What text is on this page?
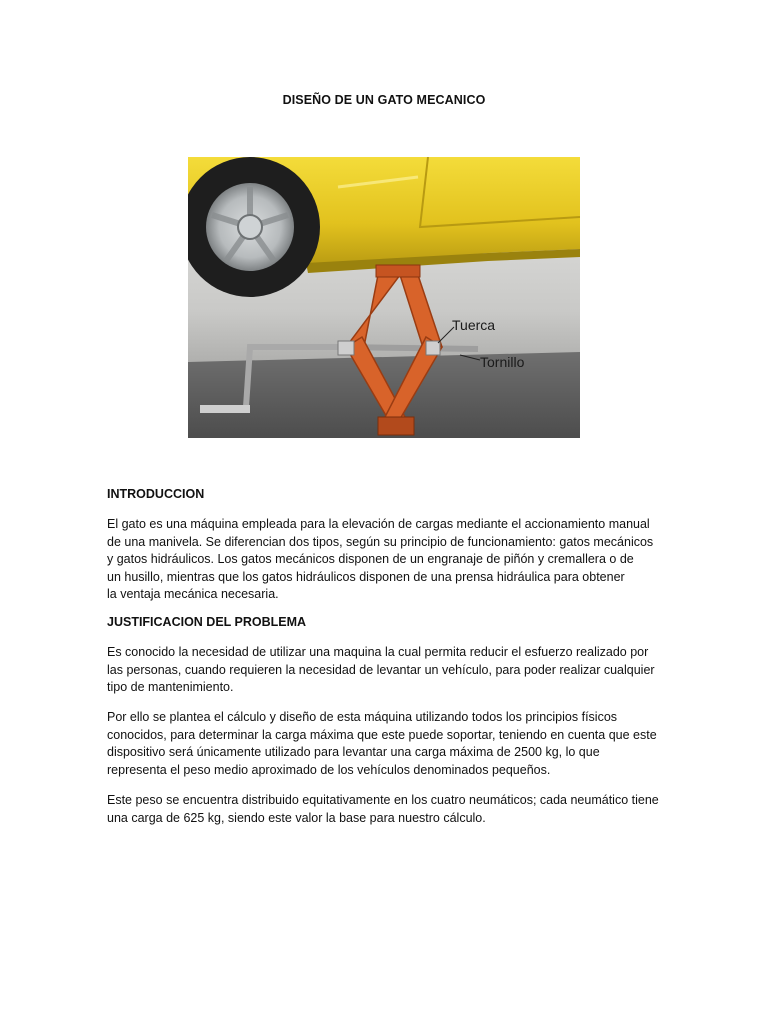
DISEÑO DE UN GATO MECANICO
Tuerca
Tornillo
INTRODUCCION
El gato es una máquina empleada para la elevación de cargas mediante el accionamiento manual
de una manivela. Se diferencian dos tipos, según su principio de funcionamiento: gatos mecánicos
y gatos hidráulicos. Los gatos mecánicos disponen de un engranaje de piñón y cremallera o de
un husillo, mientras que los gatos hidráulicos disponen de una prensa hidráulica para obtener
la ventaja mecánica necesaria.
JUSTIFICACION DEL PROBLEMA
Es conocido la necesidad de utilizar una maquina la cual permita reducir el esfuerzo realizado por
las personas, cuando requieren la necesidad de levantar un vehículo, para poder realizar cualquier
tipo de mantenimiento.
Por ello se plantea el cálculo y diseño de esta máquina utilizando todos los principios físicos
conocidos, para determinar la carga máxima que este puede soportar, teniendo en cuenta que este
dispositivo será únicamente utilizado para levantar una carga máxima de 2500 kg, lo que
representa el peso medio aproximado de los vehículos denominados pequeños.
Este peso se encuentra distribuido equitativamente en los cuatro neumáticos; cada neumático tiene
una carga de 625 kg, siendo este valor la base para nuestro cálculo.
